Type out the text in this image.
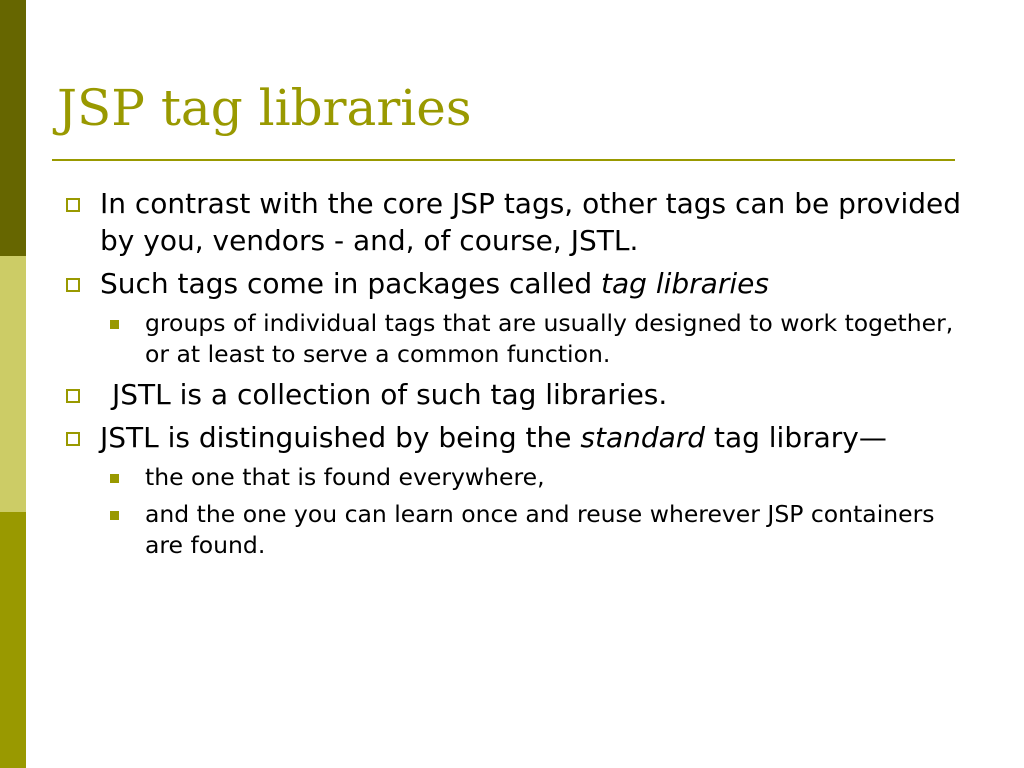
JSP tag libraries
In contrast with the core JSP tags, other tags can be provided by you, vendors - and, of course, JSTL.
Such tags come in packages called tag libraries
groups of individual tags that are usually designed to work together, or at least to serve a common function.
JSTL is a collection of such tag libraries.
JSTL is distinguished by being the standard tag library—
the one that is found everywhere,
and the one you can learn once and reuse wherever JSP containers are found.
